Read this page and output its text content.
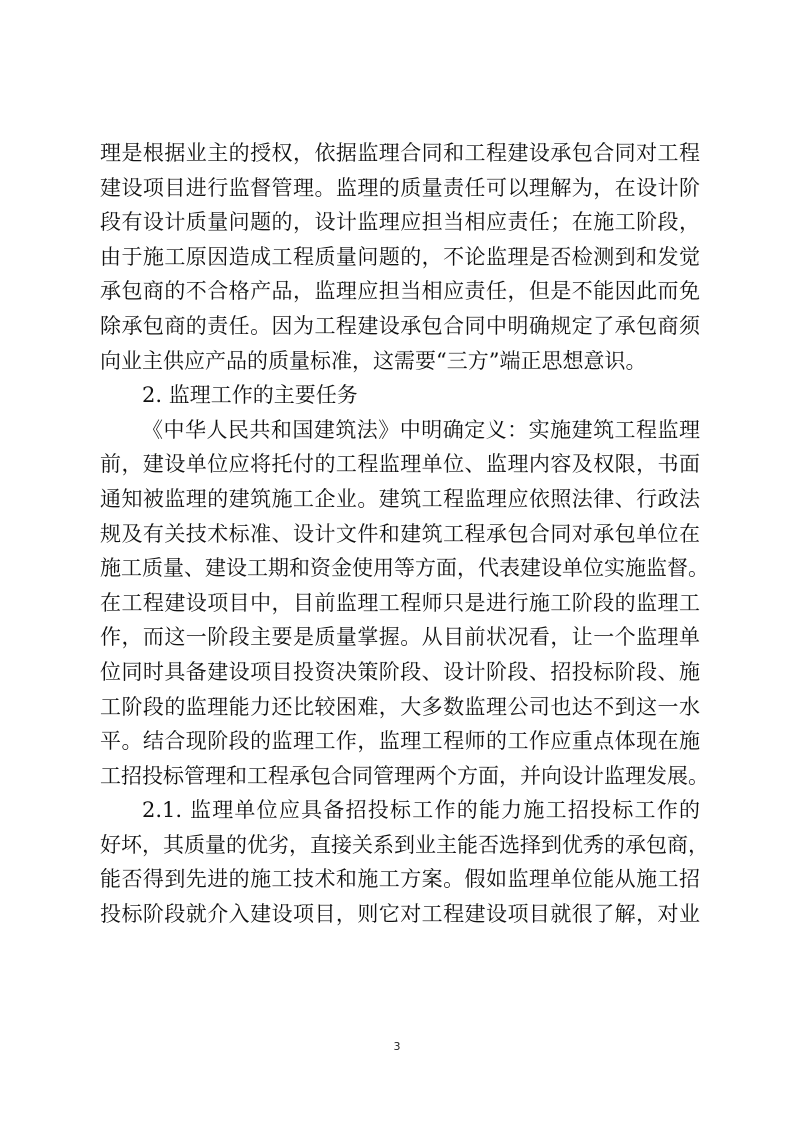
理是根据业主的授权，依据监理合同和工程建设承包合同对工程
建设项目进行监督管理。监理的质量责任可以理解为，在设计阶
段有设计质量问题的，设计监理应担当相应责任；在施工阶段，
由于施工原因造成工程质量问题的，不论监理是否检测到和发觉
承包商的不合格产品，监理应担当相应责任，但是不能因此而免
除承包商的责任。因为工程建设承包合同中明确规定了承包商须
向业主供应产品的质量标准，这需要“三方”端正思想意识。
2. 监理工作的主要任务
《中华人民共和国建筑法》中明确定义：实施建筑工程监理
前，建设单位应将托付的工程监理单位、监理内容及权限，书面
通知被监理的建筑施工企业。建筑工程监理应依照法律、行政法
规及有关技术标准、设计文件和建筑工程承包合同对承包单位在
施工质量、建设工期和资金使用等方面，代表建设单位实施监督。
在工程建设项目中，目前监理工程师只是进行施工阶段的监理工
作，而这一阶段主要是质量掌握。从目前状况看，让一个监理单
位同时具备建设项目投资决策阶段、设计阶段、招投标阶段、施
工阶段的监理能力还比较困难，大多数监理公司也达不到这一水
平。结合现阶段的监理工作，监理工程师的工作应重点体现在施
工招投标管理和工程承包合同管理两个方面，并向设计监理发展。
2.1. 监理单位应具备招投标工作的能力施工招投标工作的
好坏，其质量的优劣，直接关系到业主能否选择到优秀的承包商，
能否得到先进的施工技术和施工方案。假如监理单位能从施工招
投标阶段就介入建设项目，则它对工程建设项目就很了解，对业
3
